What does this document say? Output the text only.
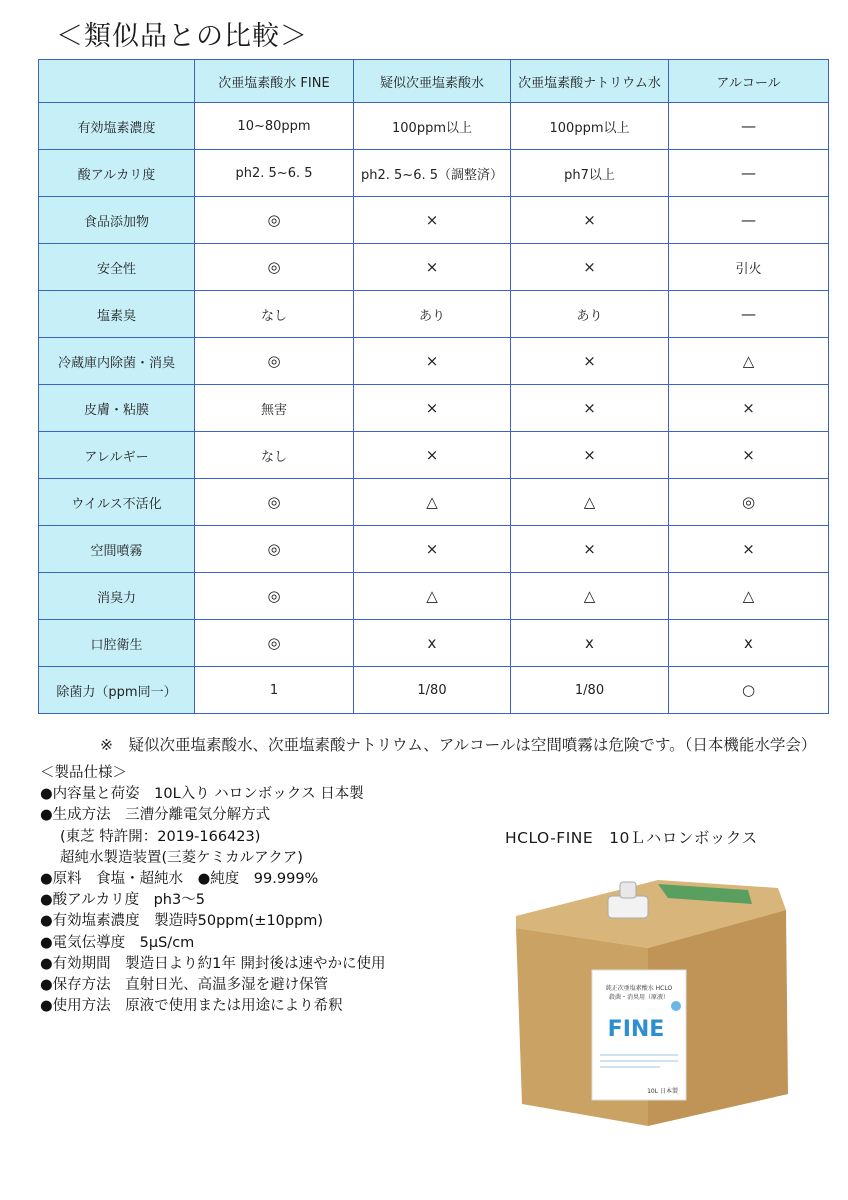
＜類似品との比較＞
	次亜塩素酸水 FINE	疑似次亜塩素酸水	次亜塩素酸ナトリウム水	アルコール
有効塩素濃度	10~80ppm	100ppm以上	100ppm以上	—
酸アルカリ度	ph2. 5~6. 5	ph2. 5~6. 5（調整済）	ph7以上	—
食品添加物	◎	×	×	—
安全性	◎	×	×	引火
塩素臭	なし	あり	あり	—
冷蔵庫内除菌・消臭	◎	×	×	△
皮膚・粘膜	無害	×	×	×
アレルギー	なし	×	×	×
ウイルス不活化	◎	△	△	◎
空間噴霧	◎	×	×	×
消臭力	◎	△	△	△
口腔衛生	◎	x	x	x
除菌力（ppm同一）	1	1/80	1/80	○
※　疑似次亜塩素酸水、次亜塩素酸ナトリウム、アルコールは空間噴霧は危険です。（日本機能水学会）
＜製品仕様＞
●内容量と荷姿　10L入り ハロンボックス 日本製
●生成方法　三漕分離電気分解方式
(東芝 特許開：2019-166423)
超純水製造装置(三菱ケミカルアクア)
●原料　食塩・超純水　●純度　99.999%
●酸アルカリ度　ph3〜5
●有効塩素濃度　製造時50ppm(±10ppm)
●電気伝導度　5μS/cm
●有効期間　製造日より約1年 開封後は速やかに使用
●保存方法　直射日光、高温多湿を避け保管
●使用方法　原液で使用または用途により希釈
HCLO-FINE　10Ｌハロンボックス
純正次亜塩素酸水 HCLO
殺菌・消臭用（原液）
FINE
10L 日本製
